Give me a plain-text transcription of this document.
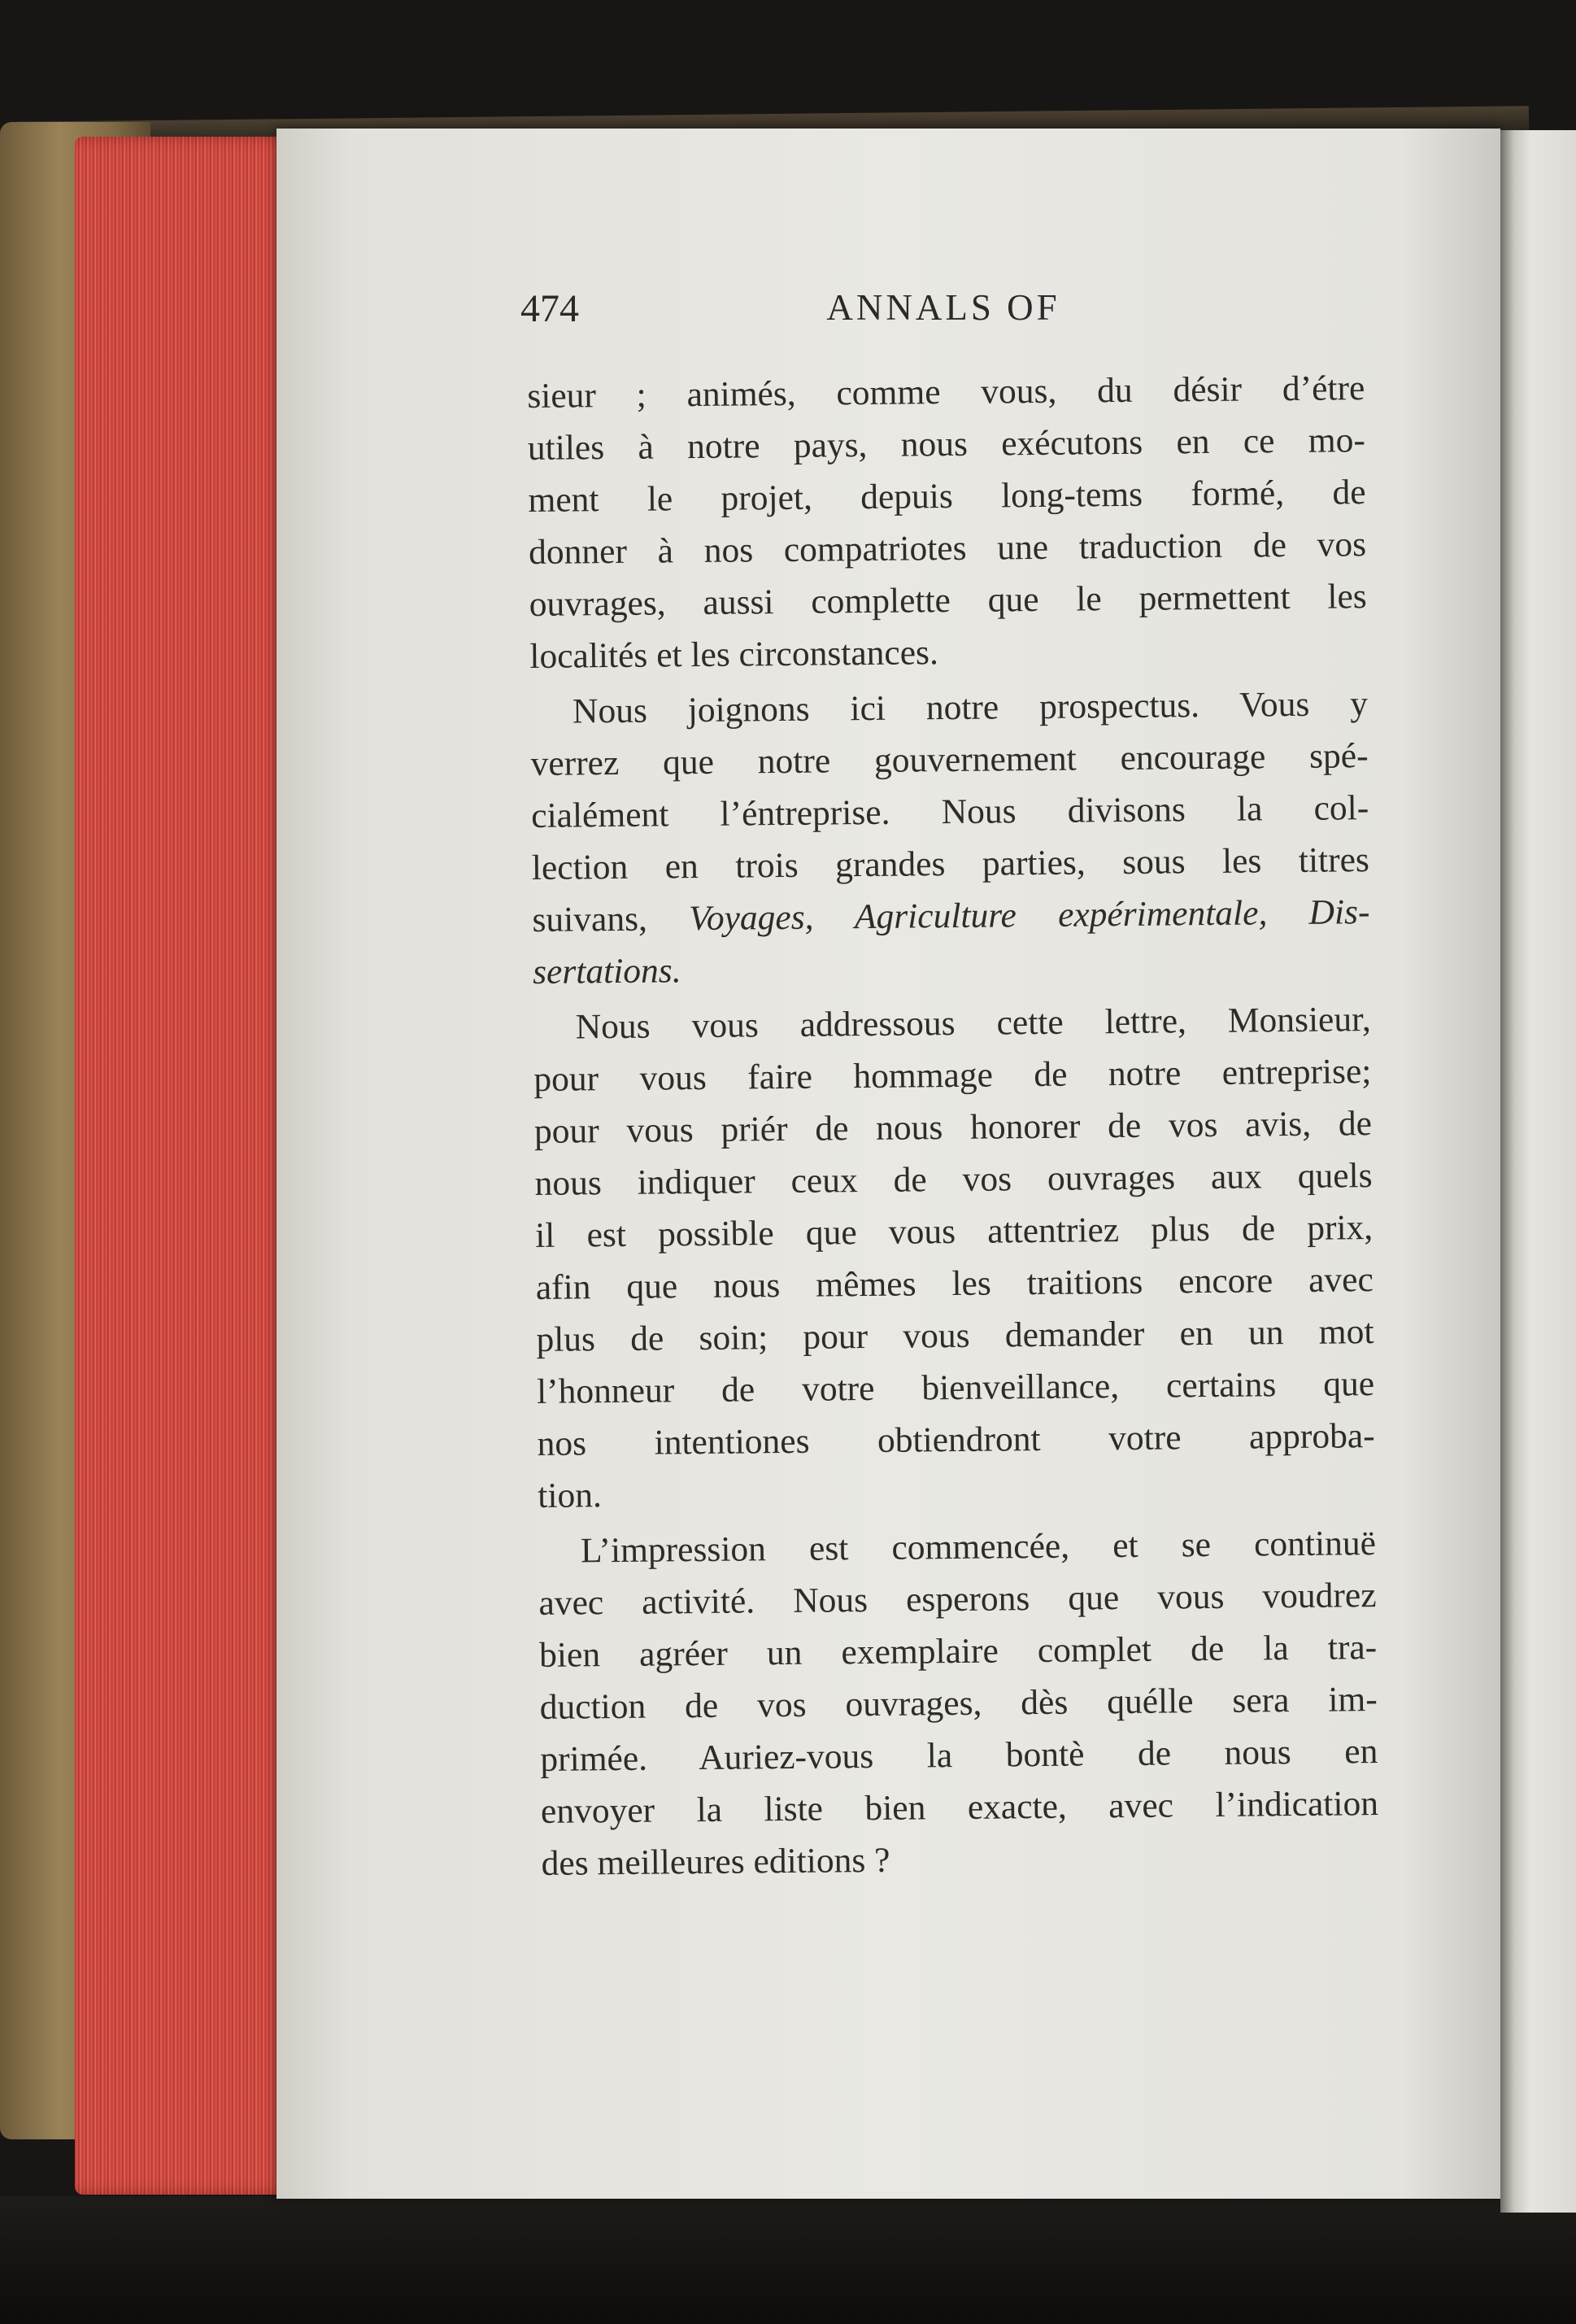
474	ANNALS OF
sieur ; animés, comme vous, du désir d’étre
utiles à notre pays, nous exécutons en ce mo-
ment le projet, depuis long-tems formé, de
donner à nos compatriotes une traduction de vos
ouvrages, aussi complette que le permettent les
localités et les circonstances.
Nous joignons ici notre prospectus. Vous y
verrez que notre gouvernement encourage spé-
cialément l’éntreprise. Nous divisons la col-
lection en trois grandes parties, sous les titres
suivans, Voyages, Agriculture expérimentale, Dis-
sertations.
Nous vous addressous cette lettre, Monsieur,
pour vous faire hommage de notre entreprise;
pour vous priér de nous honorer de vos avis, de
nous indiquer ceux de vos ouvrages aux quels
il est possible que vous attentriez plus de prix,
afin que nous mêmes les traitions encore avec
plus de soin; pour vous demander en un mot
l’honneur de votre bienveillance, certains que
nos intentiones obtiendront votre approba-
tion.
L’impression est commencée, et se continuë
avec activité. Nous esperons que vous voudrez
bien agréer un exemplaire complet de la tra-
duction de vos ouvrages, dès quélle sera im-
primée. Auriez-vous la bontè de nous en
envoyer la liste bien exacte, avec l’indication
des meilleures editions ?
